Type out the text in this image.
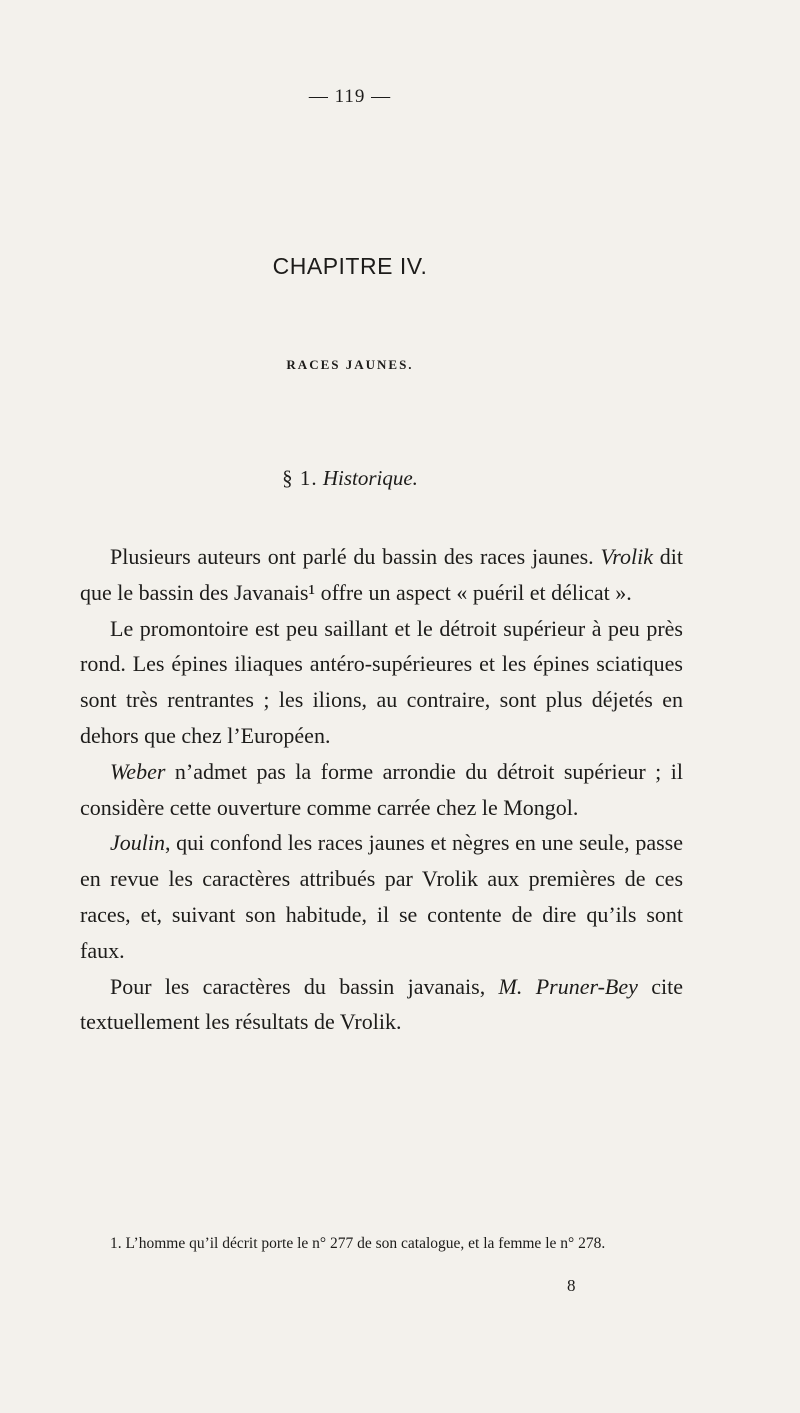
— 119 —
CHAPITRE IV.
RACES JAUNES.
§ 1. Historique.

Plusieurs auteurs ont parlé du bassin des races jaunes. Vrolik dit que le bassin des Javanais¹ offre un aspect « puéril et délicat ».

Le promontoire est peu saillant et le détroit supérieur à peu près rond. Les épines iliaques antéro-supérieures et les épines sciatiques sont très rentrantes ; les ilions, au contraire, sont plus déjetés en dehors que chez l’Européen.

Weber n’admet pas la forme arrondie du détroit supérieur ; il considère cette ouverture comme carrée chez le Mongol.

Joulin, qui confond les races jaunes et nègres en une seule, passe en revue les caractères attribués par Vrolik aux premières de ces races, et, suivant son habitude, il se contente de dire qu’ils sont faux.

Pour les caractères du bassin javanais, M. Pruner-Bey cite textuellement les résultats de Vrolik.

1. L’homme qu’il décrit porte le n° 277 de son catalogue, et la femme le n° 278.

8
